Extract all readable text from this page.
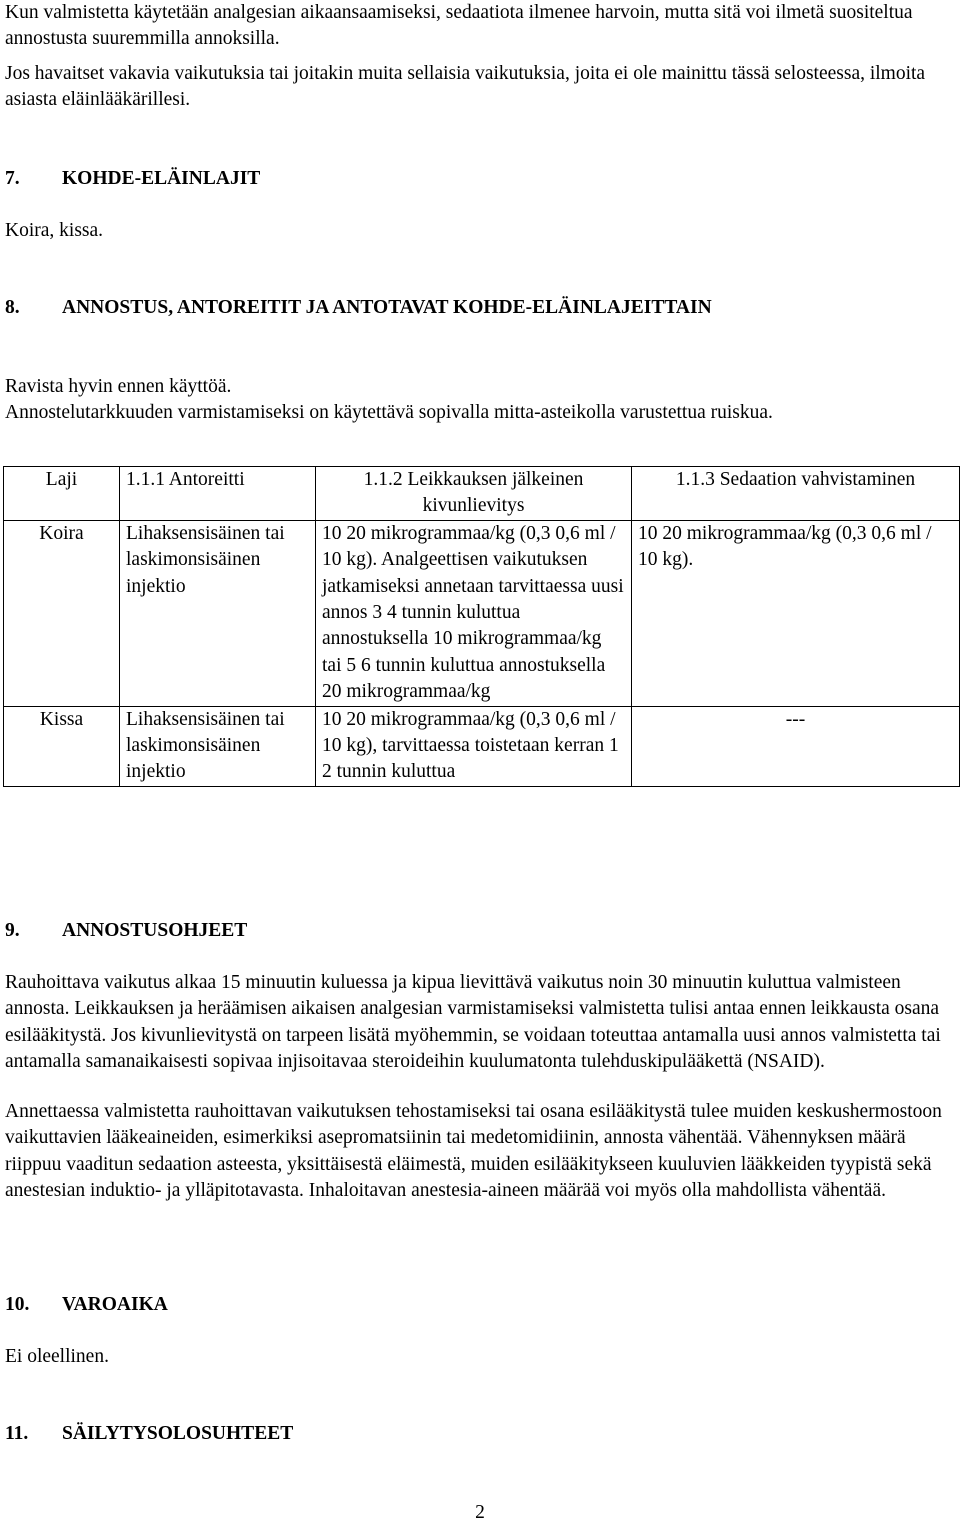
Kun valmistetta käytetään analgesian aikaansaamiseksi, sedaatiota ilmenee harvoin, mutta sitä voi ilmetä suositeltua annostusta suuremmilla annoksilla.

Jos havaitset vakavia vaikutuksia tai joitakin muita sellaisia vaikutuksia, joita ei ole mainittu tässä selosteessa, ilmoita asiasta eläinlääkärillesi.

7. KOHDE-ELÄINLAJIT

Koira, kissa.

8. ANNOSTUS, ANTOREITIT JA ANTOTAVAT KOHDE-ELÄINLAJEITTAIN

Ravista hyvin ennen käyttöä.

Annostelutarkkuuden varmistamiseksi on käytettävä sopivalla mitta-asteikolla varustettua ruiskua.

Laji	1.1.1 Antoreitti	1.1.2 Leikkauksen jälkeinen kivunlievitys	1.1.3 Sedaation vahvistaminen
Koira	Lihaksensisäinen tai laskimonsisäinen injektio	10 20 mikrogrammaa/kg (0,3 0,6 ml / 10 kg). Analgeettisen vaikutuksen jatkamiseksi annetaan tarvittaessa uusi annos 3 4 tunnin kuluttua annostuksella 10 mikrogrammaa/kg tai 5 6 tunnin kuluttua annostuksella 20 mikrogrammaa/kg	10 20 mikrogrammaa/kg (0,3 0,6 ml / 10 kg).
Kissa	Lihaksensisäinen tai laskimonsisäinen injektio	10 20 mikrogrammaa/kg (0,3 0,6 ml / 10 kg), tarvittaessa toistetaan kerran 1 2 tunnin kuluttua	---

9. ANNOSTUSOHJEET

Rauhoittava vaikutus alkaa 15 minuutin kuluessa ja kipua lievittävä vaikutus noin 30 minuutin kuluttua valmisteen annosta. Leikkauksen ja heräämisen aikaisen analgesian varmistamiseksi valmistetta tulisi antaa ennen leikkausta osana esilääkitystä. Jos kivunlievitystä on tarpeen lisätä myöhemmin, se voidaan toteuttaa antamalla uusi annos valmistetta tai antamalla samanaikaisesti sopivaa injisoitavaa steroideihin kuulumatonta tulehduskipulääkettä (NSAID).

Annettaessa valmistetta rauhoittavan vaikutuksen tehostamiseksi tai osana esilääkitystä tulee muiden keskushermostoon vaikuttavien lääkeaineiden, esimerkiksi asepromatsiinin tai medetomidiinin, annosta vähentää. Vähennyksen määrä riippuu vaaditun sedaation asteesta, yksittäisestä eläimestä, muiden esilääkitykseen kuuluvien lääkkeiden tyypistä sekä anestesian induktio- ja ylläpitotavasta. Inhaloitavan anestesia-aineen määrää voi myös olla mahdollista vähentää.

10. VAROAIKA

Ei oleellinen.

11. SÄILYTYSOLOSUHTEET

2
